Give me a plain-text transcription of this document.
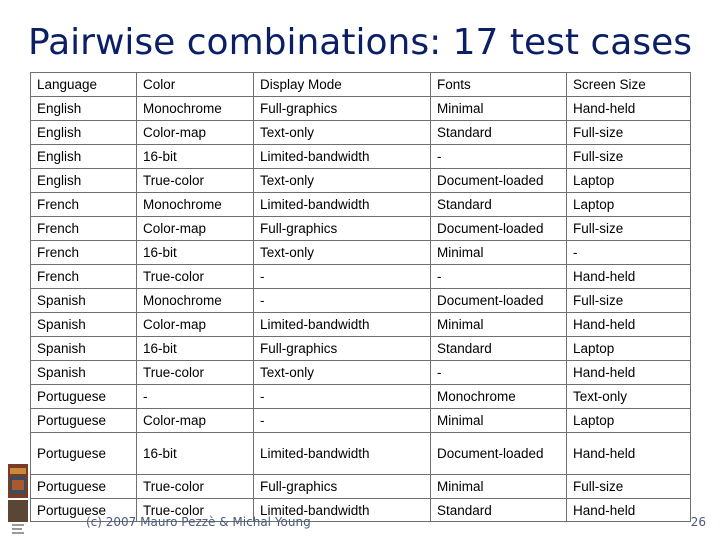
Pairwise combinations: 17 test cases
Language	Color	Display Mode	Fonts	Screen Size
English	Monochrome	Full-graphics	Minimal	Hand-held
English	Color-map	Text-only	Standard	Full-size
English	16-bit	Limited-bandwidth	-	Full-size
English	True-color	Text-only	Document-loaded	Laptop
French	Monochrome	Limited-bandwidth	Standard	Laptop
French	Color-map	Full-graphics	Document-loaded	Full-size
French	16-bit	Text-only	Minimal	-
French	True-color	-	-	Hand-held
Spanish	Monochrome	-	Document-loaded	Full-size
Spanish	Color-map	Limited-bandwidth	Minimal	Hand-held
Spanish	16-bit	Full-graphics	Standard	Laptop
Spanish	True-color	Text-only	-	Hand-held
Portuguese	-	-	Monochrome	Text-only
Portuguese	Color-map	-	Minimal	Laptop
Portuguese	16-bit	Limited-bandwidth	Document-loaded	Hand-held
Portuguese	True-color	Full-graphics	Minimal	Full-size
Portuguese	True-color	Limited-bandwidth	Standard	Hand-held
(c) 2007 Mauro Pezzè & Michal Young	26
